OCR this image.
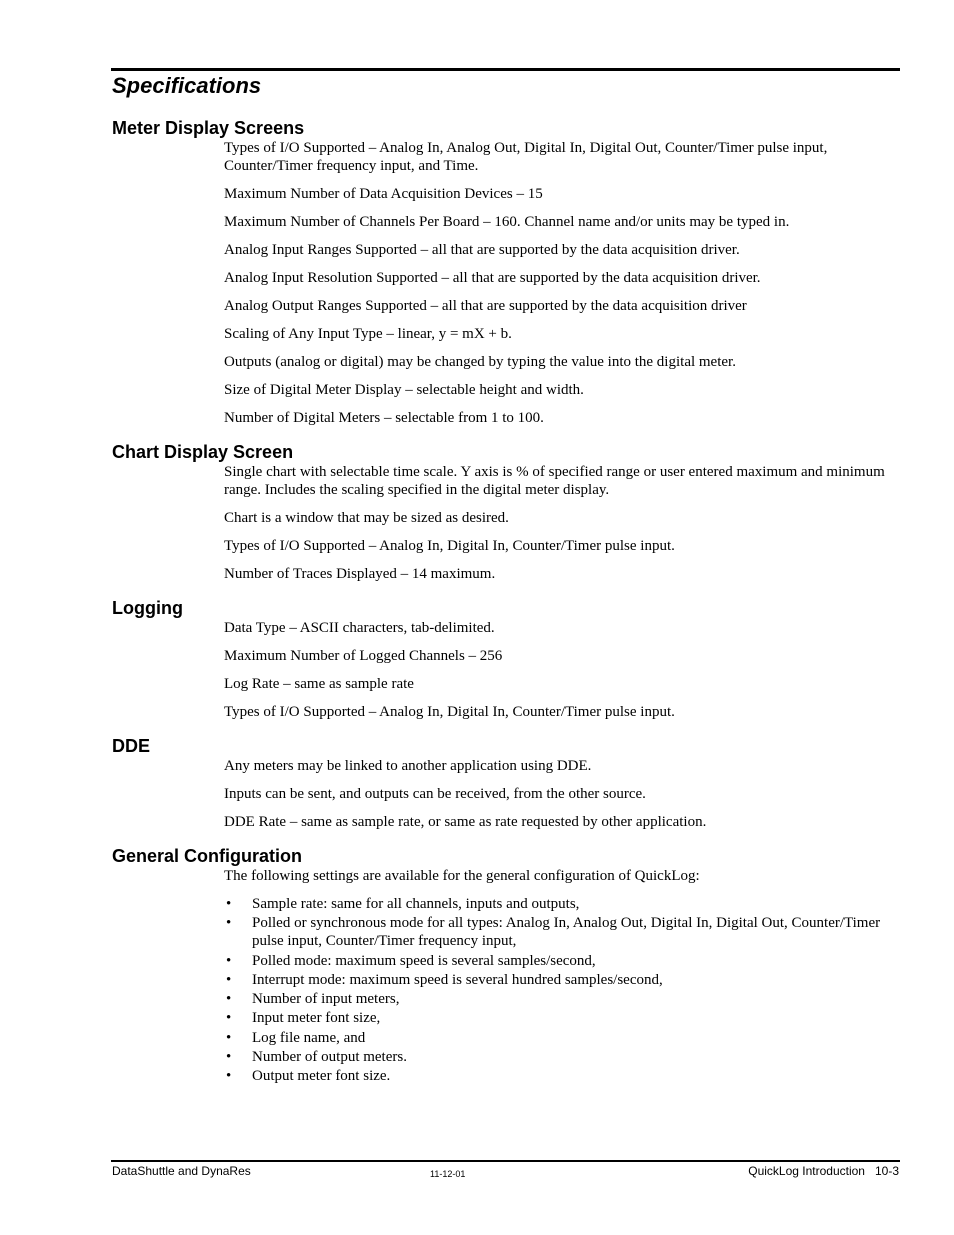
Specifications
Meter Display Screens

Types of I/O Supported – Analog In, Analog Out, Digital In, Digital Out, Counter/Timer pulse input, Counter/Timer frequency input, and Time.

Maximum Number of Data Acquisition Devices – 15

Maximum Number of Channels Per Board – 160. Channel name and/or units may be typed in.

Analog Input Ranges Supported – all that are supported by the data acquisition driver.

Analog Input Resolution Supported – all that are supported by the data acquisition driver.

Analog Output Ranges Supported – all that are supported by the data acquisition driver

Scaling of Any Input Type – linear, y = mX + b.

Outputs (analog or digital) may be changed by typing the value into the digital meter.

Size of Digital Meter Display – selectable height and width.

Number of Digital Meters – selectable from 1 to 100.

Chart Display Screen

Single chart with selectable time scale. Y axis is % of specified range or user entered maximum and minimum range. Includes the scaling specified in the digital meter display.

Chart is a window that may be sized as desired.

Types of I/O Supported – Analog In, Digital In, Counter/Timer pulse input.

Number of Traces Displayed – 14 maximum.

Logging

Data Type – ASCII characters, tab-delimited.

Maximum Number of Logged Channels – 256

Log Rate – same as sample rate

Types of I/O Supported – Analog In, Digital In, Counter/Timer pulse input.

DDE

Any meters may be linked to another application using DDE.

Inputs can be sent, and outputs can be received, from the other source.

DDE Rate – same as sample rate, or same as rate requested by other application.

General Configuration

The following settings are available for the general configuration of QuickLog:

• Sample rate: same for all channels, inputs and outputs,
• Polled or synchronous mode for all types: Analog In, Analog Out, Digital In, Digital Out, Counter/Timer pulse input, Counter/Timer frequency input,
• Polled mode: maximum speed is several samples/second,
• Interrupt mode: maximum speed is several hundred samples/second,
• Number of input meters,
• Input meter font size,
• Log file name, and
• Number of output meters.
• Output meter font size.
DataShuttle and DynaRes	11-12-01	QuickLog Introduction   10-3
